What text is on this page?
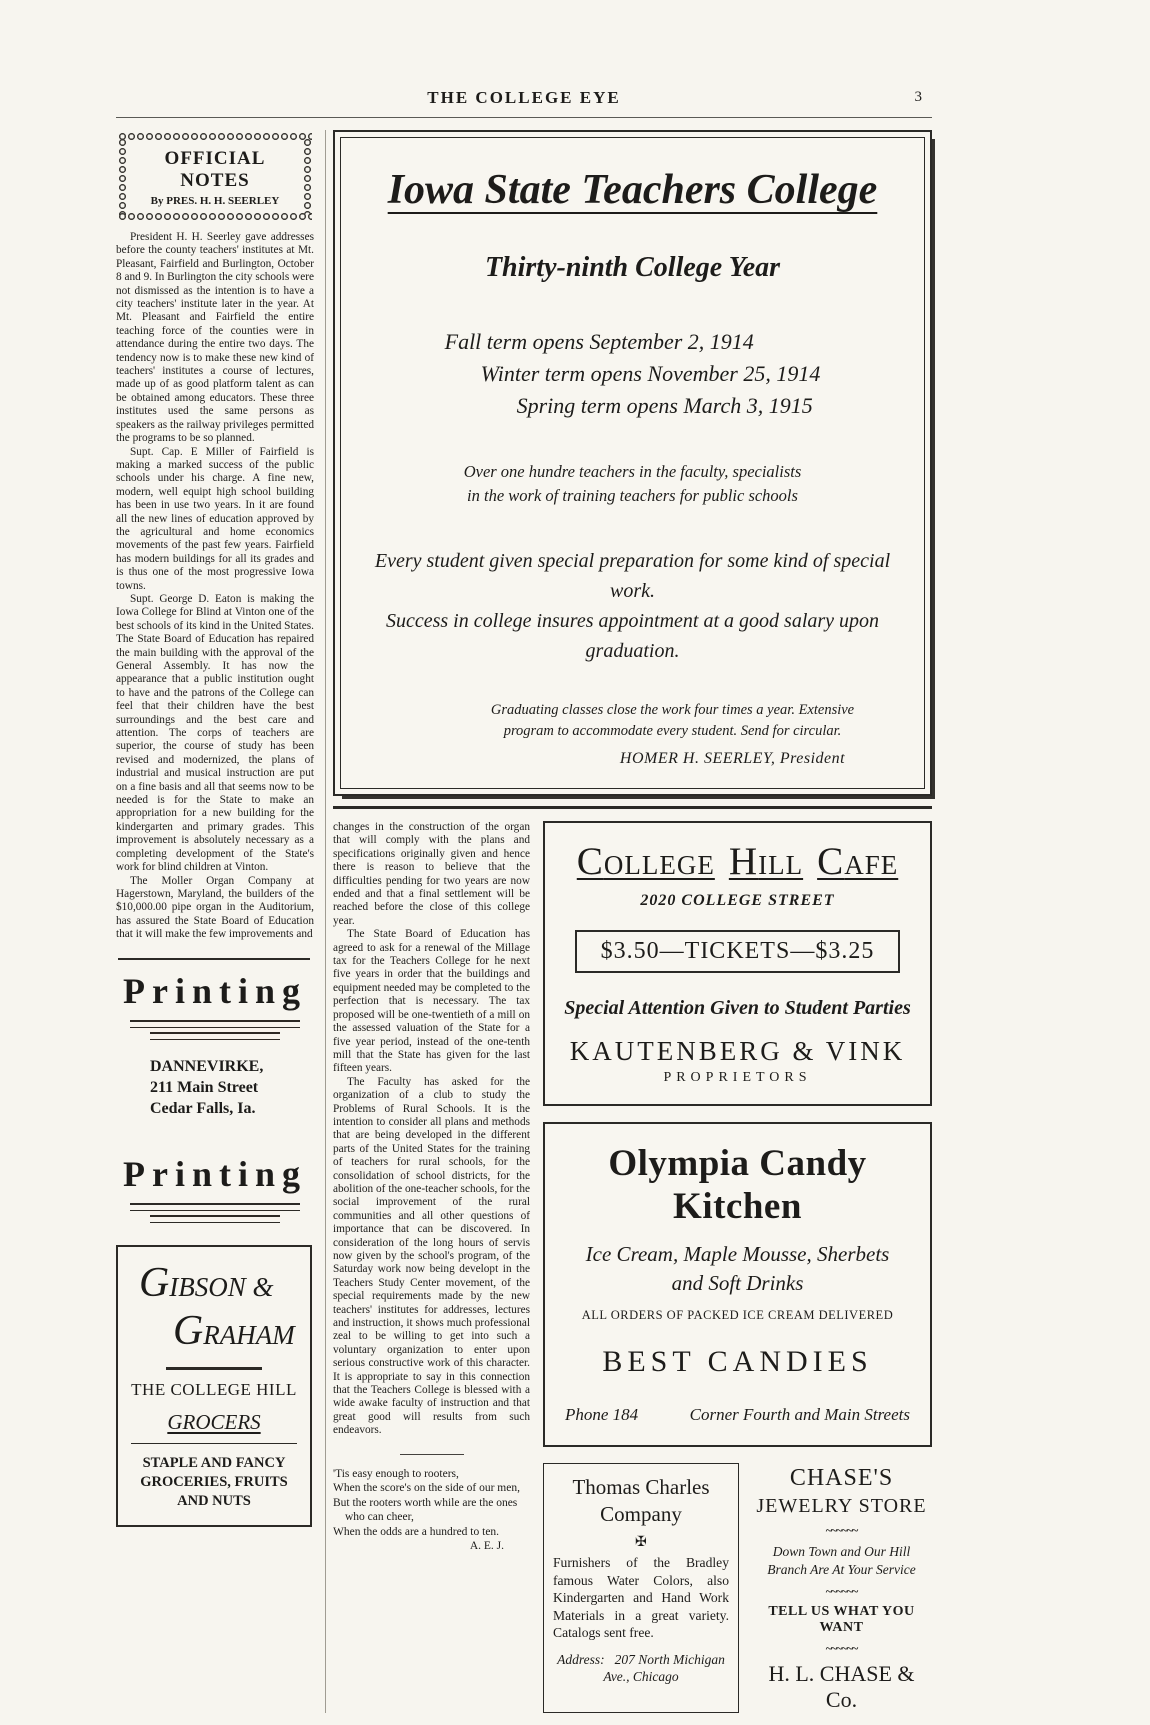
THE COLLEGE EYE	3
OFFICIAL NOTES
By PRES. H. H. SEERLEY

President H. H. Seerley gave addresses before the county teachers' institutes at Mt. Pleasant, Fairfield and Burlington, October 8 and 9. In Burlington the city schools were not dismissed as the intention is to have a city teachers' institute later in the year. At Mt. Pleasant and Fairfield the entire teaching force of the counties were in attendance during the entire two days. The tendency now is to make these new kind of teachers' institutes a course of lectures, made up of as good platform talent as can be obtained among educators. These three institutes used the same persons as speakers as the railway privileges permitted the programs to be so planned.

Supt. Cap. E Miller of Fairfield is making a marked success of the public schools under his charge. A fine new, modern, well equipt high school building has been in use two years. In it are found all the new lines of education approved by the agricultural and home economics movements of the past few years. Fairfield has modern buildings for all its grades and is thus one of the most progressive Iowa towns.

Supt. George D. Eaton is making the Iowa College for Blind at Vinton one of the best schools of its kind in the United States. The State Board of Education has repaired the main building with the approval of the General Assembly. It has now the appearance that a public institution ought to have and the patrons of the College can feel that their children have the best surroundings and the best care and attention. The corps of teachers are superior, the course of study has been revised and modernized, the plans of industrial and musical instruction are put on a fine basis and all that seems now to be needed is for the State to make an appropriation for a new building for the kindergarten and primary grades. This improvement is absolutely necessary as a completing development of the State's work for blind children at Vinton.

The Moller Organ Company at Hagerstown, Maryland, the builders of the $10,000.00 pipe organ in the Auditorium, has assured the State Board of Education that it will make the few improvements and

Printing
DANNEVIRKE,
211 Main Street
Cedar Falls, Ia.
Printing
GIBSON &
GRAHAM
THE COLLEGE HILL
GROCERS
STAPLE AND FANCY GROCERIES, FRUITS AND NUTS
Iowa State Teachers College
Thirty-ninth College Year
Fall term opens September 2, 1914
Winter term opens November 25, 1914
Spring term opens March 3, 1915
Over one hundre teachers in the faculty, specialists
in the work of training teachers for public schools
Every student given special preparation for some kind of special work.
Success in college insures appointment at a good salary upon graduation.
Graduating classes close the work four times a year. Extensive
program to accommodate every student. Send for circular.
HOMER H. SEERLEY, President

changes in the construction of the organ that will comply with the plans and specifications originally given and hence there is reason to believe that the difficulties pending for two years are now ended and that a final settlement will be reached before the close of this college year.

The State Board of Education has agreed to ask for a renewal of the Millage tax for the Teachers College for he next five years in order that the buildings and equipment needed may be completed to the perfection that is necessary. The tax proposed will be one-twentieth of a mill on the assessed valuation of the State for a five year period, instead of the one-tenth mill that the State has given for the last fifteen years.

The Faculty has asked for the organization of a club to study the Problems of Rural Schools. It is the intention to consider all plans and methods that are being developed in the different parts of the United States for the training of teachers for rural schools, for the consolidation of school districts, for the abolition of the one-teacher schools, for the social improvement of the rural communities and all other questions of importance that can be discovered. In consideration of the long hours of servis now given by the school's program, of the Saturday work now being developt in the Teachers Study Center movement, of the special requirements made by the new teachers' institutes for addresses, lectures and instruction, it shows much professional zeal to be willing to get into such a voluntary organization to enter upon serious constructive work of this character. It is appropriate to say in this connection that the Teachers College is blessed with a wide awake faculty of instruction and that great good will results from such endeavors.

'Tis easy enough to rooters,

When the score's on the side of our men,

But the rooters worth while are the ones who can cheer,

When the odds are a hundred to ten.

A. E. J.

COLLEGE HILL CAFE
2020 COLLEGE STREET
$3.50—TICKETS—$3.25
Special Attention Given to Student Parties
KAUTENBERG & VINK
PROPRIETORS
Olympia Candy Kitchen
Ice Cream, Maple Mousse, Sherbets
and Soft Drinks
ALL ORDERS OF PACKED ICE CREAM DELIVERED
BEST CANDIES
Phone 184	Corner Fourth and Main Streets
Thomas Charles
Company
✠
Furnishers of the Bradley famous Water Colors, also Kindergarten and Hand Work Materials in a great variety. Catalogs sent free.
Address: 207 North Michigan Ave., Chicago
CHASE'S
JEWELRY STORE
~~~~~~
Down Town and Our Hill
Branch Are At Your Service
~~~~~~
TELL US WHAT YOU WANT
~~~~~~
H. L. CHASE & Co.
